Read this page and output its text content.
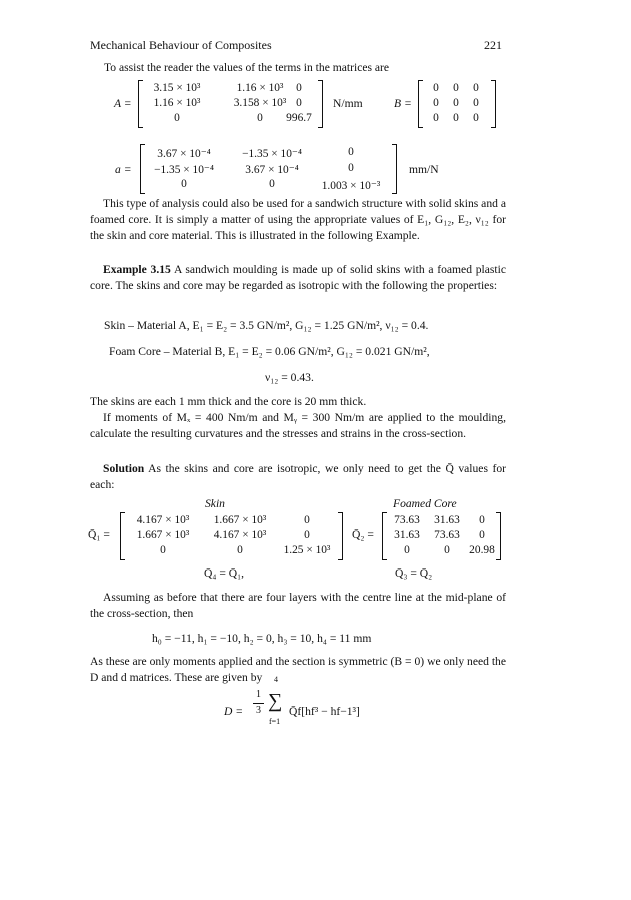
Mechanical Behaviour of Composites	221
To assist the reader the values of the terms in the matrices are
A =
3.15 × 10³	1.16 × 10³	0
1.16 × 10³	3.158 × 10³ 0
0	0	996.7
N/mm	B =
0	0	0
0	0	0
0	0	0
a =
3.67 × 10⁻⁴	−1.35 × 10⁻⁴	0
−1.35 × 10⁻⁴	3.67 × 10⁻⁴	0
0	0	1.003 × 10⁻³
mm/N
This type of analysis could also be used for a sandwich structure with solid skins and a foamed core. It is simply a matter of using the appropriate values of E₁, G₁₂, E₂, ν₁₂ for the skin and core material. This is illustrated in the following Example.
Example 3.15 A sandwich moulding is made up of solid skins with a foamed plastic core. The skins and core may be regarded as isotropic with the following the properties:
Skin – Material A, E₁ = E₂ = 3.5 GN/m², G₁₂ = 1.25 GN/m², ν₁₂ = 0.4.
Foam Core – Material B, E₁ = E₂ = 0.06 GN/m², G₁₂ = 0.021 GN/m²,
ν₁₂ = 0.43.
The skins are each 1 mm thick and the core is 20 mm thick.
If moments of Mₓ = 400 Nm/m and Mᵧ = 300 Nm/m are applied to the moulding, calculate the resulting curvatures and the stresses and strains in the cross-section.
Solution As the skins and core are isotropic, we only need to get the Q̄ values for each:
Skin	Foamed Core
Q̄₁ =
4.167 × 10³	1.667 × 10³	0
1.667 × 10³	4.167 × 10³	0
0	0	1.25 × 10³
Q̄₂ =
73.63	31.63	0
31.63	73.63	0
0	0	20.98
Q̄₄ = Q̄₁,	Q̄₃ = Q̄₂
Assuming as before that there are four layers with the centre line at the mid-plane of the cross-section, then
h₀ = −11, h₁ = −10, h₂ = 0, h₃ = 10, h₄ = 11 mm
As these are only moments applied and the section is symmetric (B = 0) we only need the D and d matrices. These are given by
D =
1
3
4
∑
f=1
Q̄f[hf³ − hf−1³]
